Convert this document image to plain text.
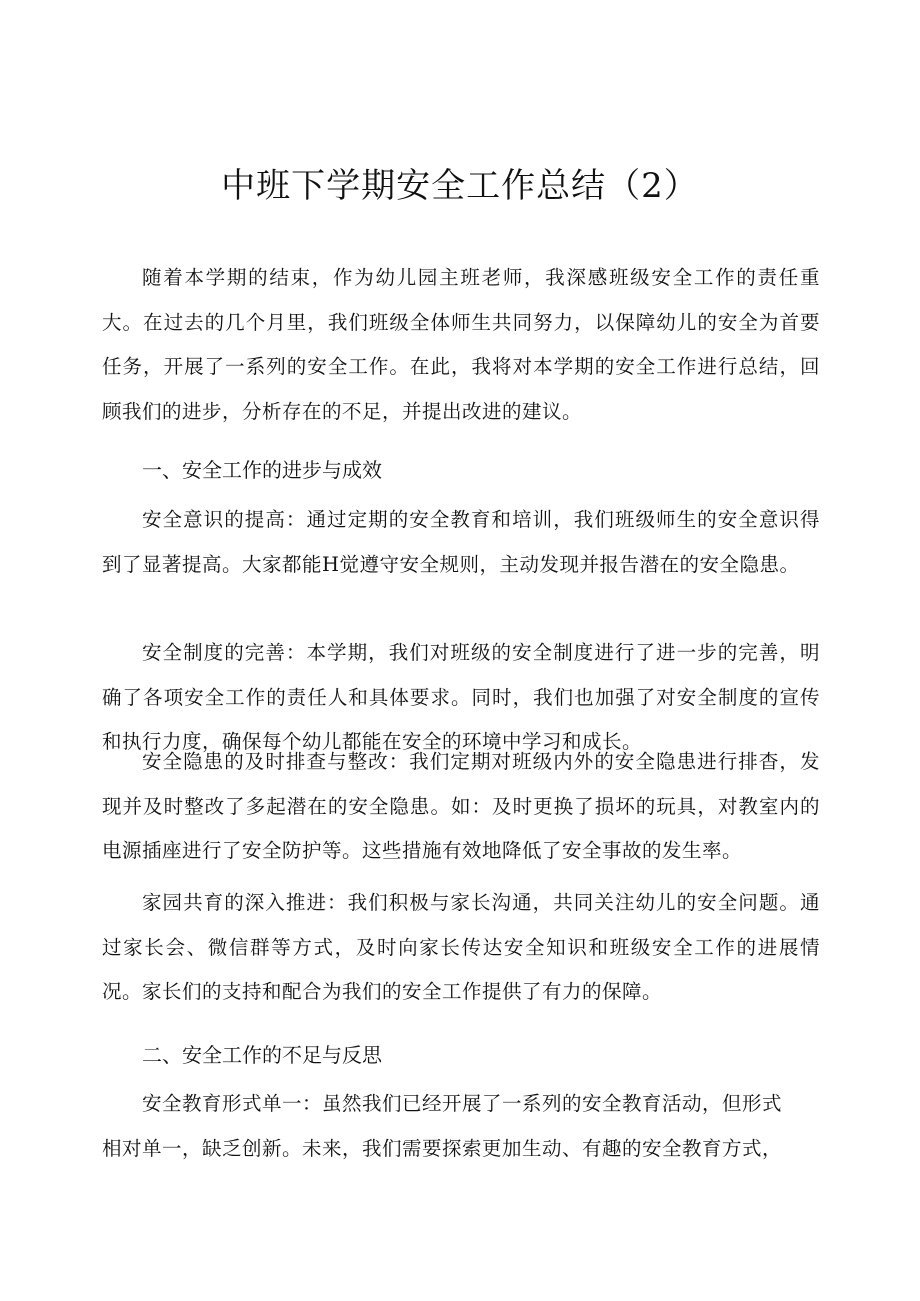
中班下学期安全工作总结（2）

随着本学期的结束，作为幼儿园主班老师，我深感班级安全工作的责任重大。在过去的几个月里，我们班级全体师生共同努力，以保障幼儿的安全为首要任务，开展了一系列的安全工作。在此，我将对本学期的安全工作进行总结，回顾我们的进步，分析存在的不足，并提出改进的建议。

一、安全工作的进步与成效

安全意识的提高：通过定期的安全教育和培训，我们班级师生的安全意识得到了显著提高。大家都能H觉遵守安全规则，主动发现并报告潜在的安全隐患。

安全制度的完善：本学期，我们对班级的安全制度进行了进一步的完善，明确了各项安全工作的责任人和具体要求。同时，我们也加强了对安全制度的宣传和执行力度，确保每个幼儿都能在安全的环境中学习和成长。

安全隐患的及时排查与整改：我们定期对班级内外的安全隐患进行排杳，发现并及时整改了多起潜在的安全隐患。如：及时更换了损坏的玩具，对教室内的电源插座进行了安全防护等。这些措施有效地降低了安全事故的发生率。

家园共育的深入推进：我们积极与家长沟通，共同关注幼儿的安全问题。通过家长会、微信群等方式，及时向家长传达安全知识和班级安全工作的进展情况。家长们的支持和配合为我们的安全工作提供了有力的保障。

二、安全工作的不足与反思

安全教育形式单一：虽然我们已经开展了一系列的安全教育活动，但形式相对单一，缺乏创新。未来，我们需要探索更加生动、有趣的安全教育方式，
